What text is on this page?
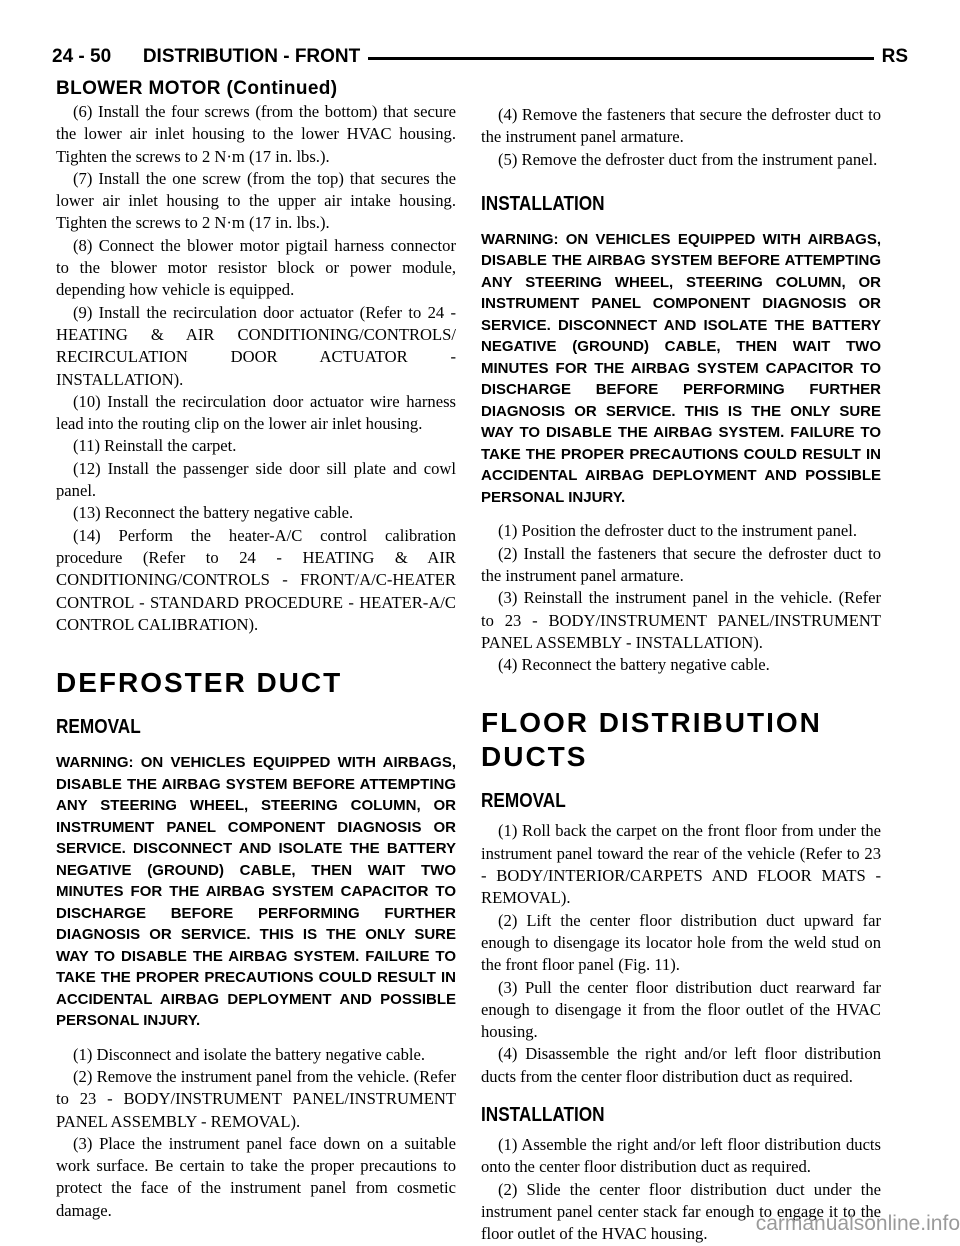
24 - 50      DISTRIBUTION - FRONT	RS
BLOWER MOTOR (Continued)

(6) Install the four screws (from the bottom) that secure the lower air inlet housing to the lower HVAC housing. Tighten the screws to 2 N·m (17 in. lbs.).

(7) Install the one screw (from the top) that secures the lower air inlet housing to the upper air intake housing. Tighten the screws to 2 N·m (17 in. lbs.).

(8) Connect the blower motor pigtail harness connector to the blower motor resistor block or power module, depending how vehicle is equipped.

(9) Install the recirculation door actuator (Refer to 24 - HEATING & AIR CONDITIONING/CONTROLS/ RECIRCULATION DOOR ACTUATOR - INSTALLATION).

(10) Install the recirculation door actuator wire harness lead into the routing clip on the lower air inlet housing.

(11) Reinstall the carpet.

(12) Install the passenger side door sill plate and cowl panel.

(13) Reconnect the battery negative cable.

(14) Perform the heater-A/C control calibration procedure (Refer to 24 - HEATING & AIR CONDITIONING/CONTROLS - FRONT/A/C-HEATER CONTROL - STANDARD PROCEDURE - HEATER-A/C CONTROL CALIBRATION).

DEFROSTER DUCT
REMOVAL

WARNING: ON VEHICLES EQUIPPED WITH AIRBAGS, DISABLE THE AIRBAG SYSTEM BEFORE ATTEMPTING ANY STEERING WHEEL, STEERING COLUMN, OR INSTRUMENT PANEL COMPONENT DIAGNOSIS OR SERVICE. DISCONNECT AND ISOLATE THE BATTERY NEGATIVE (GROUND) CABLE, THEN WAIT TWO MINUTES FOR THE AIRBAG SYSTEM CAPACITOR TO DISCHARGE BEFORE PERFORMING FURTHER DIAGNOSIS OR SERVICE. THIS IS THE ONLY SURE WAY TO DISABLE THE AIRBAG SYSTEM. FAILURE TO TAKE THE PROPER PRECAUTIONS COULD RESULT IN ACCIDENTAL AIRBAG DEPLOYMENT AND POSSIBLE PERSONAL INJURY.

(1) Disconnect and isolate the battery negative cable.

(2) Remove the instrument panel from the vehicle. (Refer to 23 - BODY/INSTRUMENT PANEL/INSTRUMENT PANEL ASSEMBLY - REMOVAL).

(3) Place the instrument panel face down on a suitable work surface. Be certain to take the proper precautions to protect the face of the instrument panel from cosmetic damage.

(4) Remove the fasteners that secure the defroster duct to the instrument panel armature.

(5) Remove the defroster duct from the instrument panel.

INSTALLATION

WARNING: ON VEHICLES EQUIPPED WITH AIRBAGS, DISABLE THE AIRBAG SYSTEM BEFORE ATTEMPTING ANY STEERING WHEEL, STEERING COLUMN, OR INSTRUMENT PANEL COMPONENT DIAGNOSIS OR SERVICE. DISCONNECT AND ISOLATE THE BATTERY NEGATIVE (GROUND) CABLE, THEN WAIT TWO MINUTES FOR THE AIRBAG SYSTEM CAPACITOR TO DISCHARGE BEFORE PERFORMING FURTHER DIAGNOSIS OR SERVICE. THIS IS THE ONLY SURE WAY TO DISABLE THE AIRBAG SYSTEM. FAILURE TO TAKE THE PROPER PRECAUTIONS COULD RESULT IN ACCIDENTAL AIRBAG DEPLOYMENT AND POSSIBLE PERSONAL INJURY.

(1) Position the defroster duct to the instrument panel.

(2) Install the fasteners that secure the defroster duct to the instrument panel armature.

(3) Reinstall the instrument panel in the vehicle. (Refer to 23 - BODY/INSTRUMENT PANEL/INSTRUMENT PANEL ASSEMBLY - INSTALLATION).

(4) Reconnect the battery negative cable.

FLOOR DISTRIBUTION DUCTS
REMOVAL

(1) Roll back the carpet on the front floor from under the instrument panel toward the rear of the vehicle (Refer to 23 - BODY/INTERIOR/CARPETS AND FLOOR MATS - REMOVAL).

(2) Lift the center floor distribution duct upward far enough to disengage its locator hole from the weld stud on the front floor panel (Fig. 11).

(3) Pull the center floor distribution duct rearward far enough to disengage it from the floor outlet of the HVAC housing.

(4) Disassemble the right and/or left floor distribution ducts from the center floor distribution duct as required.

INSTALLATION

(1) Assemble the right and/or left floor distribution ducts onto the center floor distribution duct as required.

(2) Slide the center floor distribution duct under the instrument panel center stack far enough to engage it to the floor outlet of the HVAC housing.	carmanualsonline.info
